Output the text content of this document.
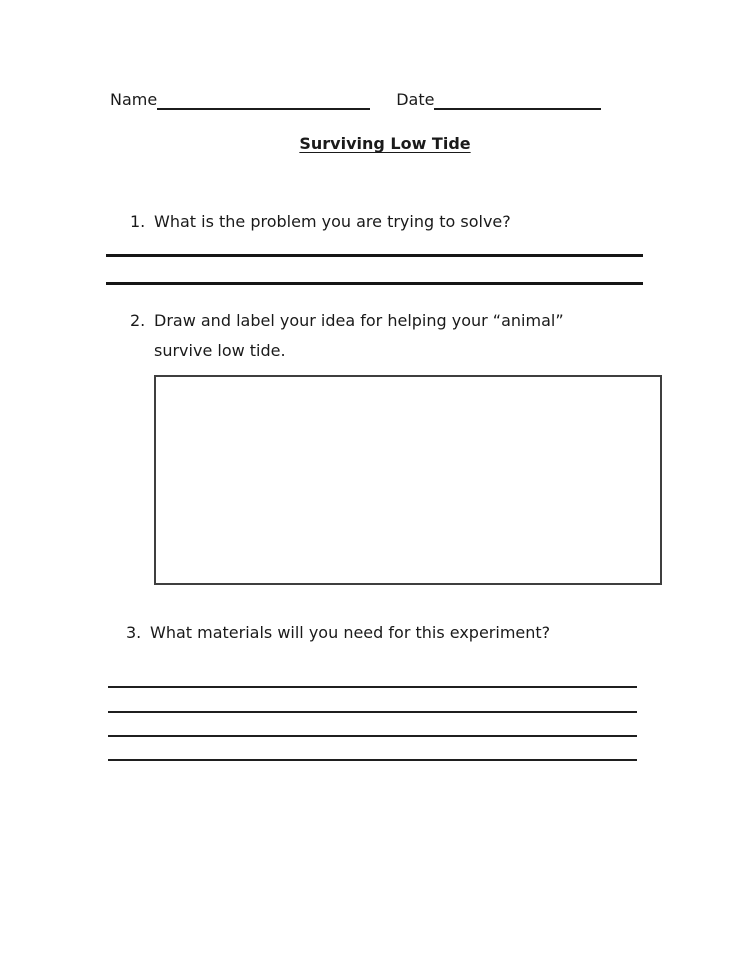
Name	Date
Surviving Low Tide
1. What is the problem you are trying to solve?
2. Draw and label your idea for helping your “animal” survive low tide.
3. What materials will you need for this experiment?
